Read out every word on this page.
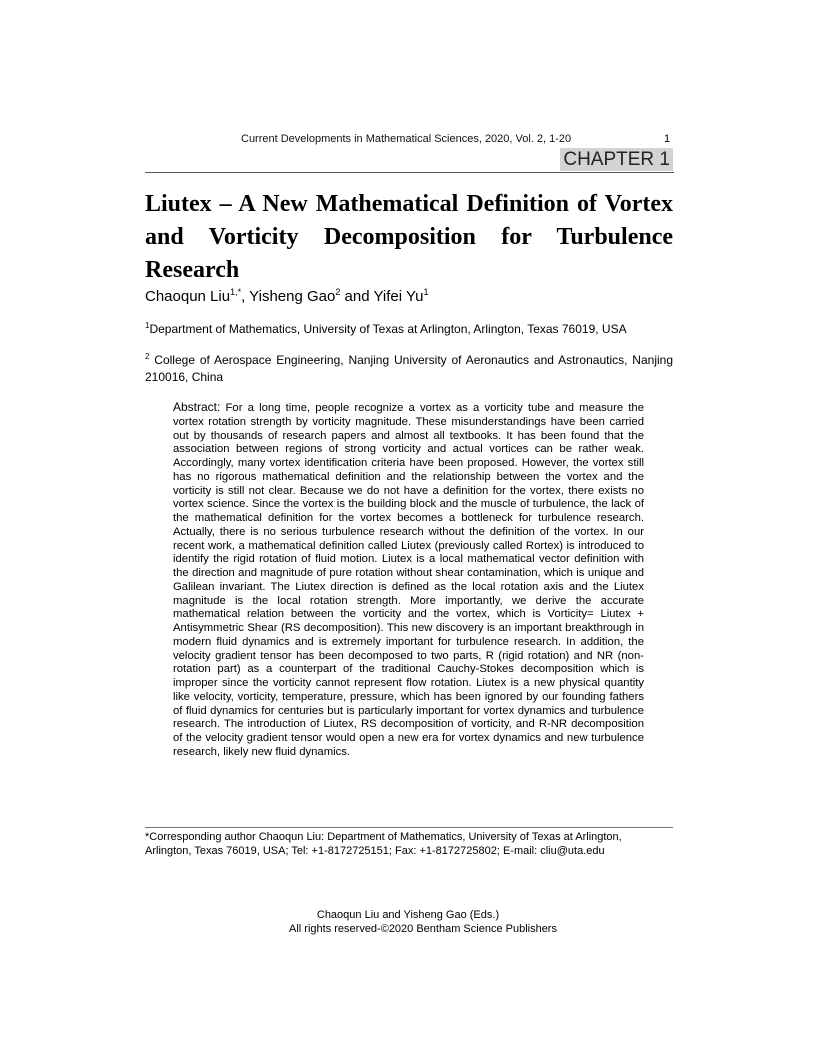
Current Developments in Mathematical Sciences, 2020, Vol. 2, 1-20	1
CHAPTER 1
Liutex – A New Mathematical Definition of Vortex and Vorticity Decomposition for Turbulence Research
Chaoqun Liu$^{1,*}$, Yisheng Gao$^2$ and Yifei Yu$^1$
$^1$Department of Mathematics, University of Texas at Arlington, Arlington, Texas 76019, USA
$^2$ College of Aerospace Engineering, Nanjing University of Aeronautics and Astronautics, Nanjing 210016, China

Abstract: For a long time, people recognize a vortex as a vorticity tube and measure the vortex rotation strength by vorticity magnitude. These misunderstandings have been carried out by thousands of research papers and almost all textbooks. It has been found that the association between regions of strong vorticity and actual vortices can be rather weak. Accordingly, many vortex identification criteria have been proposed. However, the vortex still has no rigorous mathematical definition and the relationship between the vortex and the vorticity is still not clear. Because we do not have a definition for the vortex, there exists no vortex science. Since the vortex is the building block and the muscle of turbulence, the lack of the mathematical definition for the vortex becomes a bottleneck for turbulence research. Actually, there is no serious turbulence research without the definition of the vortex. In our recent work, a mathematical definition called Liutex (previously called Rortex) is introduced to identify the rigid rotation of fluid motion. Liutex is a local mathematical vector definition with the direction and magnitude of pure rotation without shear contamination, which is unique and Galilean invariant. The Liutex direction is defined as the local rotation axis and the Liutex magnitude is the local rotation strength. More importantly, we derive the accurate mathematical relation between the vorticity and the vortex, which is Vorticity= Liutex + Antisymmetric Shear (RS decomposition). This new discovery is an important breakthrough in modern fluid dynamics and is extremely important for turbulence research. In addition, the velocity gradient tensor has been decomposed to two parts, R (rigid rotation) and NR (non-rotation part) as a counterpart of the traditional Cauchy-Stokes decomposition which is improper since the vorticity cannot represent flow rotation. Liutex is a new physical quantity like velocity, vorticity, temperature, pressure, which has been ignored by our founding fathers of fluid dynamics for centuries but is particularly important for vortex dynamics and turbulence research. The introduction of Liutex, RS decomposition of vorticity, and R-NR decomposition of the velocity gradient tensor would open a new era for vortex dynamics and new turbulence research, likely new fluid dynamics.

*Corresponding author Chaoqun Liu: Department of Mathematics, University of Texas at Arlington, Arlington, Texas 76019, USA; Tel: +1-8172725151; Fax: +1-8172725802; E-mail: cliu@uta.edu

Chaoqun Liu and Yisheng Gao (Eds.)
All rights reserved-©2020 Bentham Science Publishers
